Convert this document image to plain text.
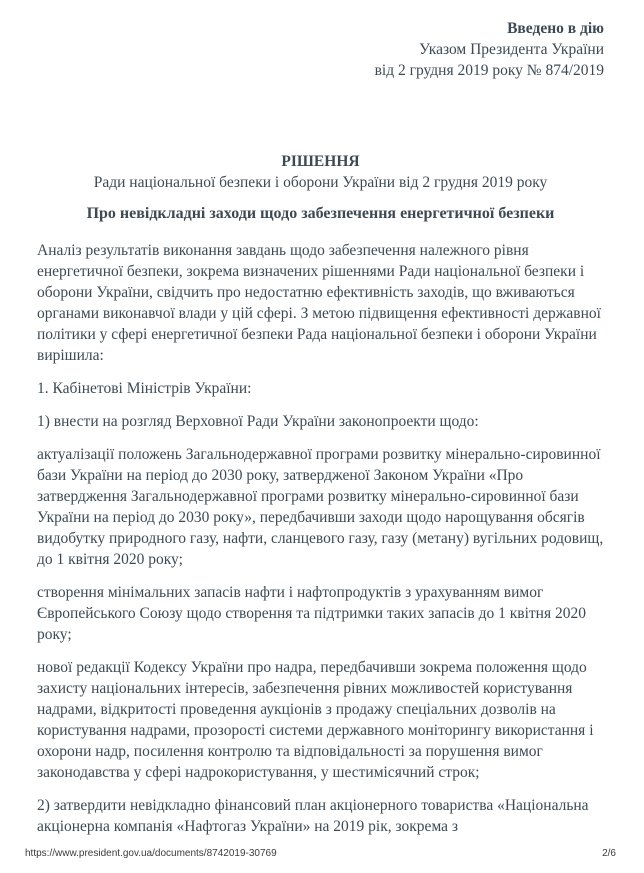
Введено в дію
Указом Президента України
від 2 грудня 2019 року № 874/2019
РІШЕННЯ
Ради національної безпеки і оборони України від 2 грудня 2019 року
Про невідкладні заходи щодо забезпечення енергетичної безпеки

Аналіз результатів виконання завдань щодо забезпечення належного рівня енергетичної безпеки, зокрема визначених рішеннями Ради національної безпеки і оборони України, свідчить про недостатню ефективність заходів, що вживаються органами виконавчої влади у цій сфері. З метою підвищення ефективності державної політики у сфері енергетичної безпеки Рада національної безпеки і оборони України вирішила:

1. Кабінетові Міністрів України:

1) внести на розгляд Верховної Ради України законопроекти щодо:

актуалізації положень Загальнодержавної програми розвитку мінерально-сировинної бази України на період до 2030 року, затвердженої Законом України «Про затвердження Загальнодержавної програми розвитку мінерально-сировинної бази України на період до 2030 року», передбачивши заходи щодо нарощування обсягів видобутку природного газу, нафти, сланцевого газу, газу (метану) вугільних родовищ, до 1 квітня 2020 року;

створення мінімальних запасів нафти і нафтопродуктів з урахуванням вимог Європейського Союзу щодо створення та підтримки таких запасів до 1 квітня 2020 року;

нової редакції Кодексу України про надра, передбачивши зокрема положення щодо захисту національних інтересів, забезпечення рівних можливостей користування надрами, відкритості проведення аукціонів з продажу спеціальних дозволів на користування надрами, прозорості системи державного моніторингу використання і охорони надр, посилення контролю та відповідальності за порушення вимог законодавства у сфері надрокористування, у шестимісячний строк;

2) затвердити невідкладно фінансовий план акціонерного товариства «Національна акціонерна компанія «Нафтогаз України» на 2019 рік, зокрема з

https://www.president.gov.ua/documents/8742019-30769	2/6
